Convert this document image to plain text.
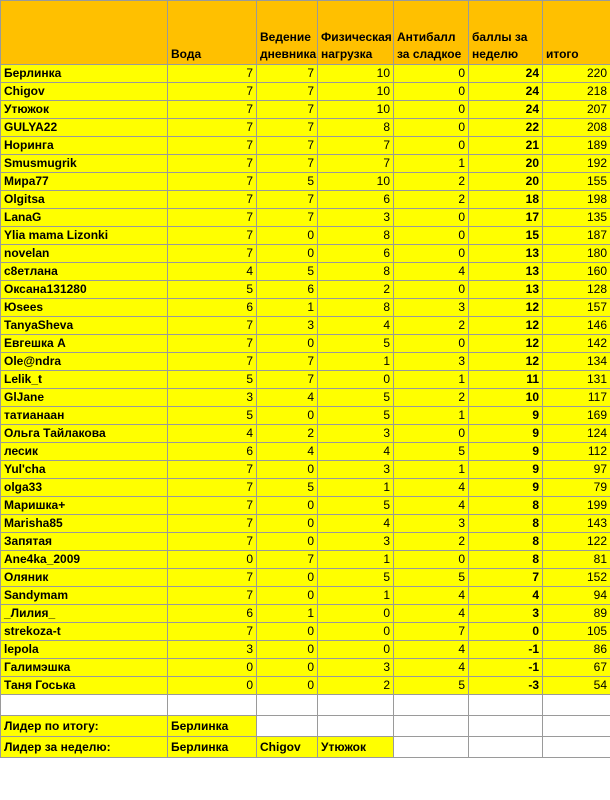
	Вода	Ведение дневника	Физическая нагрузка	Антибалл за сладкое	баллы за неделю	итого
Берлинка	7	7	10	0	24	220
Chigov	7	7	10	0	24	218
Утюжок	7	7	10	0	24	207
GULYA22	7	7	8	0	22	208
Норинга	7	7	7	0	21	189
Smusmugrik	7	7	7	1	20	192
Мира77	7	5	10	2	20	155
Olgitsa	7	7	6	2	18	198
LanaG	7	7	3	0	17	135
Ylia mama Lizonki	7	0	8	0	15	187
novelan	7	0	6	0	13	180
с8етлана	4	5	8	4	13	160
Оксана131280	5	6	2	0	13	128
Юsees	6	1	8	3	12	157
TanyaSheva	7	3	4	2	12	146
Евгешка А	7	0	5	0	12	142
Ole@ndra	7	7	1	3	12	134
Lelik_t	5	7	0	1	11	131
GlJane	3	4	5	2	10	117
татианаан	5	0	5	1	9	169
Ольга Тайлакова	4	2	3	0	9	124
лесик	6	4	4	5	9	112
Yul'cha	7	0	3	1	9	97
olga33	7	5	1	4	9	79
Маришка+	7	0	5	4	8	199
Marisha85	7	0	4	3	8	143
Запятая	7	0	3	2	8	122
Ane4ka_2009	0	7	1	0	8	81
Оляник	7	0	5	5	7	152
Sandymam	7	0	1	4	4	94
_Лилия_	6	1	0	4	3	89
strekoza-t	7	0	0	7	0	105
lepola	3	0	0	4	-1	86
Галимэшка	0	0	3	4	-1	67
Таня Госька	0	0	2	5	-3	54

Лидер по итогу:	Берлинка					
Лидер за неделю:	Берлинка	Chigov	Утюжок			
